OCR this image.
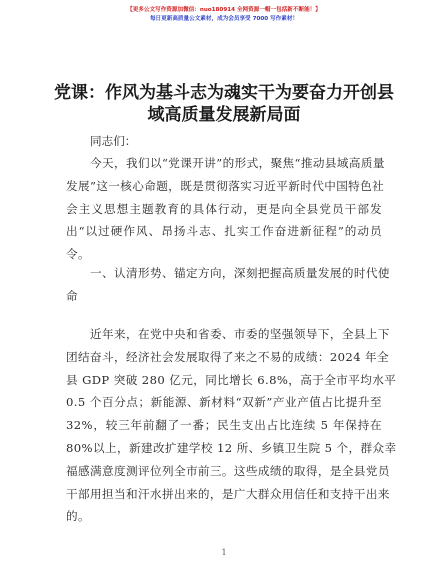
【更多公文写作资源加微信：nuo180914 全网资源一帽一包括新不断能！】
每日更新高质量公文素材，成为会员享受 7000 写作素材！
党课：作风为基斗志为魂实干为要奋力开创县
域高质量发展新局面
同志们：
今天，我们以“党课开讲”的形式，聚焦“推动县域高质量
发展”这一核心命题，既是贯彻落实习近平新时代中国特色社
会主义思想主题教育的具体行动，更是向全县党员干部发
出“以过硬作风、昂扬斗志、扎实工作奋进新征程”的动员
令。
一、认清形势、锚定方向，深刻把握高质量发展的时代使
命
近年来，在党中央和省委、市委的坚强领导下，全县上下
团结奋斗，经济社会发展取得了来之不易的成绩：2024 年全
县 GDP 突破 280 亿元，同比增长 6.8%，高于全市平均水平
0.5 个百分点；新能源、新材料“双新”产业产值占比提升至
32%，较三年前翻了一番；民生支出占比连续 5 年保持在
80%以上，新建改扩建学校 12 所、乡镇卫生院 5 个，群众幸
福感满意度测评位列全市前三。这些成绩的取得，是全县党员
干部用担当和汗水拼出来的，是广大群众用信任和支持干出来
的。
1
